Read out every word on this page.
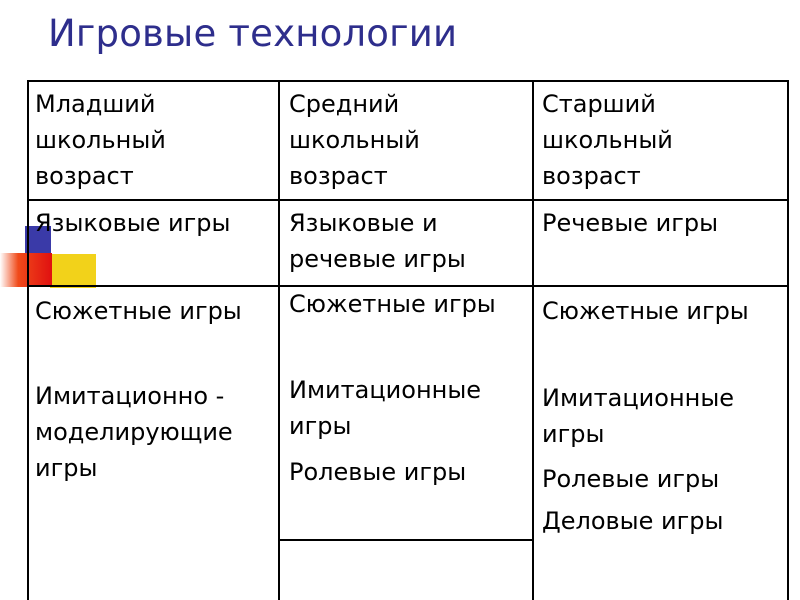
Игровые технологии
Младший
школьный
возраст
Средний
школьный
возраст
Старший
школьный
возраст
Языковые игры	Языковые и
речевые игры
Речевые игры
Сюжетные игры
Имитационно -
моделирующие
игры
Сюжетные игры
Имитационные
игры
Ролевые игры
Сюжетные игры
Имитационные
игры
Ролевые игры
Деловые игры
